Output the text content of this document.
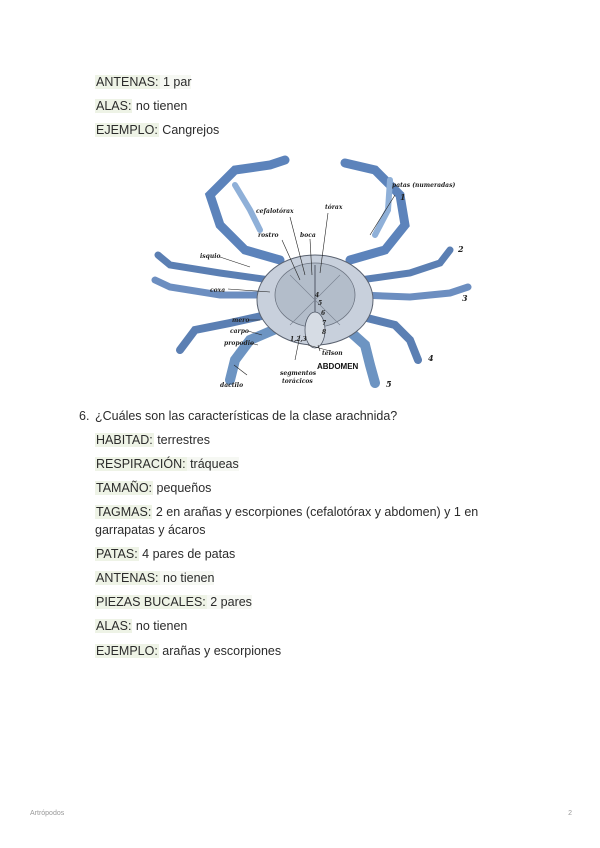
ANTENAS: 1 par
ALAS: no tienen
EJEMPLO: Cangrejos
patas (numeradas)
1
tórax
cefalotórax
rostro	boca
2
isquio
coxa
3
mero
carpo
propodio
dactilo
segmentos
torácicos
telson
ABDOMEN
4
5
4
5
6
7
8
1,2,3
6. ¿Cuáles son las características de la clase arachnida?
HABITAD: terrestres
RESPIRACIÓN: tráqueas
TAMAÑO: pequeños
TAGMAS: 2 en arañas y escorpiones (cefalotórax y abdomen) y 1 en garrapatas y ácaros
PATAS: 4 pares de patas
ANTENAS: no tienen
PIEZAS BUCALES: 2 pares
ALAS: no tienen
EJEMPLO: arañas y escorpiones
Artrópodos	2
